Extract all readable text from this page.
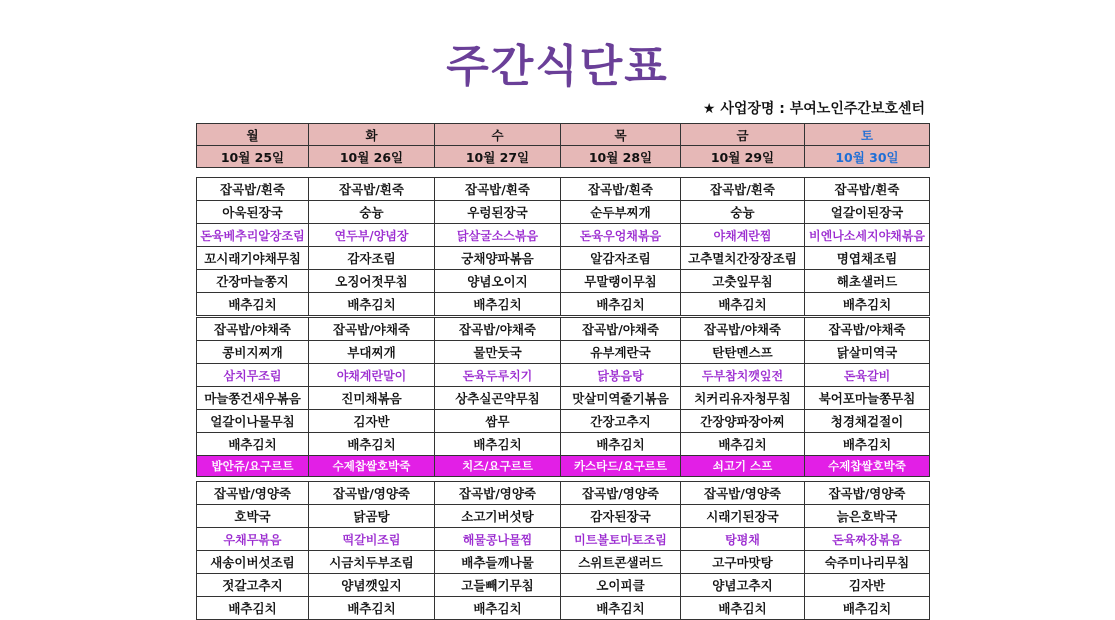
주간식단표
★ 사업장명 : 부여노인주간보호센터
월	화	수	목	금	토
10월 25일	10월 26일	10월 27일	10월 28일	10월 29일	10월 30일
잡곡밥/흰죽	잡곡밥/흰죽	잡곡밥/흰죽	잡곡밥/흰죽	잡곡밥/흰죽	잡곡밥/흰죽
아욱된장국	숭늉	우렁된장국	순두부찌개	숭늉	얼갈이된장국
돈육베추리알장조림	연두부/양념장	닭살굴소스볶음	돈육우엉채볶음	야채계란찜	비엔나소세지야채볶음
꼬시래기야채무침	감자조림	궁채양파볶음	알감자조림	고추멸치간장장조림	명엽채조림
간장마늘쫑지	오징어젓무침	양념오이지	무말랭이무침	고춧잎무침	해초샐러드
배추김치	배추김치	배추김치	배추김치	배추김치	배추김치
잡곡밥/야채죽	잡곡밥/야채죽	잡곡밥/야채죽	잡곡밥/야채죽	잡곡밥/야채죽	잡곡밥/야채죽
콩비지찌개	부대찌개	물만둣국	유부계란국	탄탄멘스프	닭살미역국
삼치무조림	야채계란말이	돈육두루치기	닭봉음탕	두부참치깻잎전	돈육갈비
마늘쫑건새우볶음	진미채볶음	상추실곤약무침	맛살미역줄기볶음	치커리유자청무침	북어포마늘쫑무침
얼갈이나물무침	김자반	쌈무	간장고추지	간장양파장아찌	청경채겉절이
배추김치	배추김치	배추김치	배추김치	배추김치	배추김치
밥안쥬/요구르트	수제찹쌀호박죽	치즈/요구르트	카스타드/요구르트	쇠고기 스프	수제찹쌀호박죽
잡곡밥/영양죽	잡곡밥/영양죽	잡곡밥/영양죽	잡곡밥/영양죽	잡곡밥/영양죽	잡곡밥/영양죽
호박국	닭곰탕	소고기버섯탕	감자된장국	시래기된장국	늙은호박국
우채무볶음	떡갈비조림	해물콩나물찜	미트볼토마토조림	탕평채	돈육짜장볶음
새송이버섯조림	시금치두부조림	배추들깨나물	스위트콘샐러드	고구마맛탕	숙주미나리무침
젓갈고추지	양념깻잎지	고들빼기무침	오이피클	양념고추지	김자반
배추김치	배추김치	배추김치	배추김치	배추김치	배추김치
